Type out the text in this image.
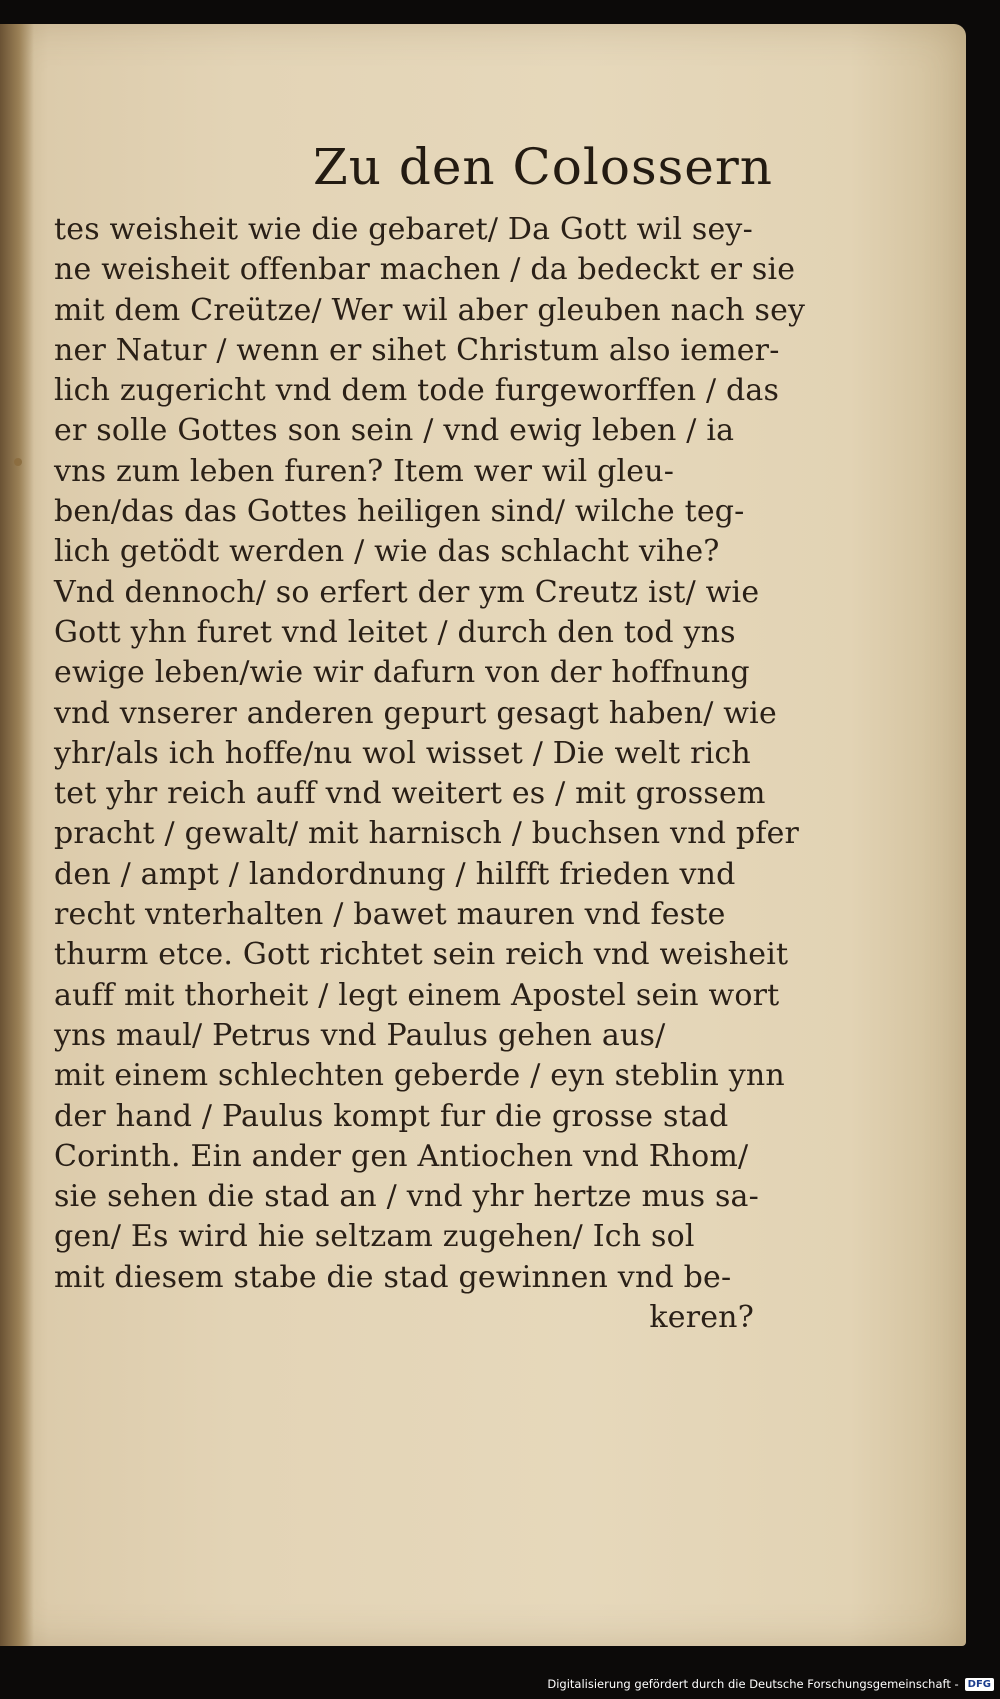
Zu den Colossern
tes weisheit wie die gebaret/ Da Gott wil sey-
ne weisheit offenbar machen / da bedeckt er sie
mit dem Creütze/ Wer wil aber gleuben nach sey
ner Natur / wenn er sihet Christum also iemer-
lich zugericht vnd dem tode furgeworffen / das
er solle Gottes son sein / vnd ewig leben / ia
vns zum leben furen? Item wer wil gleu-
ben/das das Gottes heiligen sind/ wilche teg-
lich getödt werden / wie das schlacht vihe?
Vnd dennoch/ so erfert der ym Creutz ist/ wie
Gott yhn furet vnd leitet / durch den tod yns
ewige leben/wie wir dafurn von der hoffnung
vnd vnserer anderen gepurt gesagt haben/ wie
yhr/als ich hoffe/nu wol wisset / Die welt rich
tet yhr reich auff vnd weitert es / mit grossem
pracht / gewalt/ mit harnisch / buchsen vnd pfer
den / ampt / landordnung / hilfft frieden vnd
recht vnterhalten / bawet mauren vnd feste
thurm etce. Gott richtet sein reich vnd weisheit
auff mit thorheit / legt einem Apostel sein wort
yns maul/ Petrus vnd Paulus gehen aus/
mit einem schlechten geberde / eyn steblin ynn
der hand / Paulus kompt fur die grosse stad
Corinth. Ein ander gen Antiochen vnd Rhom/
sie sehen die stad an / vnd yhr hertze mus sa-
gen/ Es wird hie seltzam zugehen/ Ich sol
mit diesem stabe die stad gewinnen vnd be-
keren?
Digitalisierung gefördert durch die Deutsche Forschungsgemeinschaft - DFG
